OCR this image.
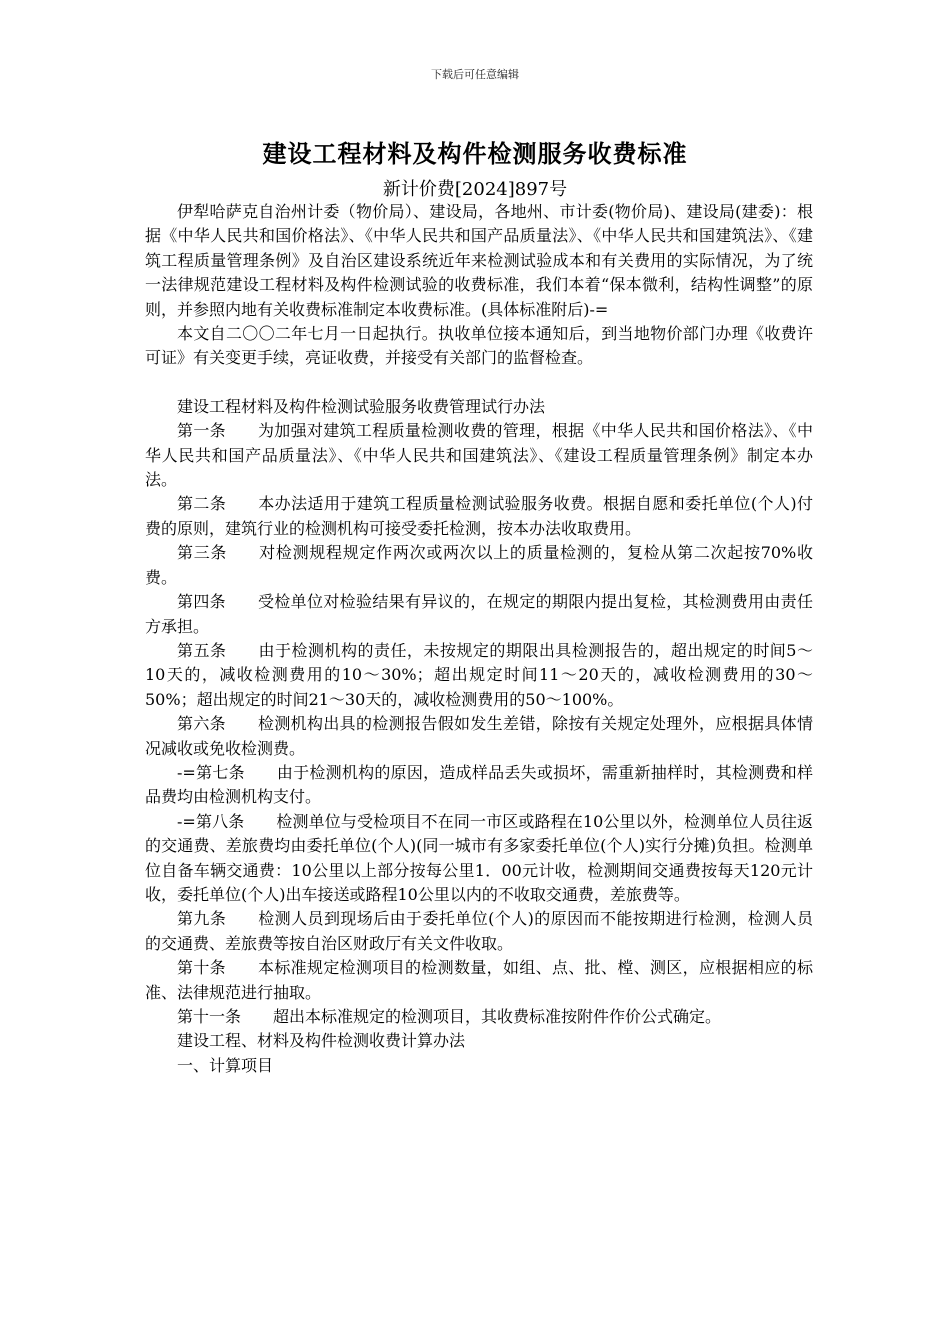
下载后可任意编辑
建设工程材料及构件检测服务收费标准
新计价费[2024]897号

伊犁哈萨克自治州计委（物价局）、建设局，各地州、市计委(物价局)、建设局(建委)：根据《中华人民共和国价格法》、《中华人民共和国产品质量法》、《中华人民共和国建筑法》、《建筑工程质量管理条例》及自治区建设系统近年来检测试验成本和有关费用的实际情况，为了统一法律规范建设工程材料及构件检测试验的收费标准，我们本着“保本微利，结构性调整”的原则，并参照内地有关收费标准制定本收费标准。(具体标准附后)-=

本文自二〇〇二年七月一日起执行。执收单位接本通知后，到当地物价部门办理《收费许可证》有关变更手续，亮证收费，并接受有关部门的监督检查。

建设工程材料及构件检测试验服务收费管理试行办法

第一条 为加强对建筑工程质量检测收费的管理，根据《中华人民共和国价格法》、《中华人民共和国产品质量法》、《中华人民共和国建筑法》、《建设工程质量管理条例》制定本办法。

第二条 本办法适用于建筑工程质量检测试验服务收费。根据自愿和委托单位(个人)付费的原则，建筑行业的检测机构可接受委托检测，按本办法收取费用。

第三条 对检测规程规定作两次或两次以上的质量检测的，复检从第二次起按70%收费。

第四条 受检单位对检验结果有异议的，在规定的期限内提出复检，其检测费用由责任方承担。

第五条 由于检测机构的责任，未按规定的期限出具检测报告的，超出规定的时间5～10天的，减收检测费用的10～30%；超出规定时间11～20天的，减收检测费用的30～50%；超出规定的时间21～30天的，减收检测费用的50～100%。

第六条 检测机构出具的检测报告假如发生差错，除按有关规定处理外，应根据具体情况减收或免收检测费。

-=第七条 由于检测机构的原因，造成样品丢失或损坏，需重新抽样时，其检测费和样品费均由检测机构支付。

-=第八条 检测单位与受检项目不在同一市区或路程在10公里以外，检测单位人员往返的交通费、差旅费均由委托单位(个人)(同一城市有多家委托单位(个人)实行分摊)负担。检测单位自备车辆交通费：10公里以上部分按每公里1．00元计收，检测期间交通费按每天120元计收，委托单位(个人)出车接送或路程10公里以内的不收取交通费，差旅费等。

第九条 检测人员到现场后由于委托单位(个人)的原因而不能按期进行检测，检测人员的交通费、差旅费等按自治区财政厅有关文件收取。

第十条 本标准规定检测项目的检测数量，如组、点、批、樘、测区，应根据相应的标准、法律规范进行抽取。

第十一条 超出本标准规定的检测项目，其收费标准按附件作价公式确定。

建设工程、材料及构件检测收费计算办法

一、计算项目
